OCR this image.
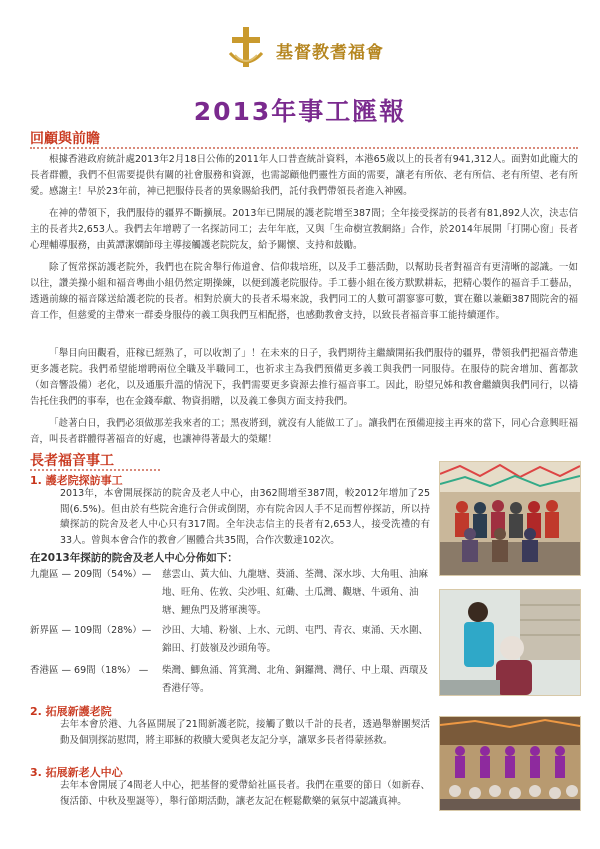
基督教耆福會
2013年事工匯報
回顧與前瞻
根據香港政府統計處2013年2月18日公佈的2011年人口普查統計資料，本港65歲以上的長者有941,312人。面對如此龐大的長者群體，我們不但需要提供有關的社會服務和資源，也需認顧他們靈性方面的需要，讓老有所依、老有所信、老有所望、老有所愛。感謝主！早於23年前，神已把服侍長者的異象賜給我們，託付我們帶領長者進入神國。
在神的帶領下，我們服侍的疆界不斷擴展。2013年已開展的護老院增至387間；全年接受探訪的長者有81,892人次，決志信主的長者共2,653人。我們去年增聘了一名探訪同工；去年年底，又與「生命樹宣教網絡」合作，於2014年展開「打開心窗」長者心理輔導服務，由黃譚潔嫻師母主導接觸護老院院友，給予關懷、支持和鼓勵。
除了恆常探訪護老院外，我們也在院舍舉行佈道會、信仰栽培班，以及手工藝活動，以幫助長者對福音有更清晰的認識。一如以往，讚美操小組和福音粵曲小組仍然定期操練，以便到護老院服侍。手工藝小組在後方默默耕耘，把精心製作的福音手工藝品，透過前線的福音隊送給護老院的長者。相對於廣大的長者禾場來說，我們同工的人數可謂寥寥可數，實在難以兼顧387間院舍的福音工作，但慈愛的主帶來一群委身服侍的義工與我們互相配搭，也感動教會支持，以致長者福音事工能持續運作。
「舉目向田觀看，莊稼已經熟了，可以收割了」！在未來的日子，我們期待主繼續開拓我們服侍的疆界，帶領我們把福音帶進更多護老院。我們希望能增聘兩位全職及半職同工，也祈求主為我們預備更多義工與我們一同服侍。在服侍的院舍增加、舊都款（如音響設備）老化，以及通脹升溫的情況下，我們需要更多資源去推行福音事工。因此，盼望兄姊和教會繼續與我們同行，以禱告托住我們的事奉，也在金錢奉獻、物資捐贈，以及義工參與方面支持我們。
「趁著白日，我們必須做那差我來者的工；黑夜將到，就沒有人能做工了」。讓我們在預備迎接主再來的當下，同心合意興旺福音，叫長者群體得著福音的好處，也讓神得著最大的榮耀！
長者福音事工
1. 護老院探訪事工
2013年，本會開展探訪的院舍及老人中心，由362間增至387間，較2012年增加了25間(6.5%)。但由於有些院舍進行合併或倒閉，亦有院舍因人手不足而暫停探訪，所以持續探訪的院舍及老人中心只有317間。全年決志信主的長者有2,653人，接受洗禮的有33人。曾與本會合作的教會／團體合共35間，合作次數達102次。
在2013年探訪的院舍及老人中心分佈如下：
九龍區 — 209間（54%）—	慈雲山、黃大仙、九龍塘、葵涌、荃灣、深水埗、大角咀、油麻地、旺角、佐敦、尖沙咀、紅磡、土瓜灣、觀塘、牛頭角、油塘、鯉魚門及將軍澳等。
新界區 — 109間（28%）—	沙田、大埔、粉嶺、上水、元朗、屯門、青衣、東涌、天水圍、錦田、打鼓嶺及沙頭角等。
香港區 — 69間（18%） —	柴灣、鯽魚涌、筲箕灣、北角、銅鑼灣、灣仔、中上環、西環及香港仔等。
2. 拓展新護老院
去年本會於港、九各區開展了21間新護老院，接觸了數以千計的長者，透過舉辦團契活動及個別探訪慰問，將主耶穌的救贖大愛與老友記分享，讓眾多長者得蒙拯救。
3. 拓展新老人中心
去年本會開展了4間老人中心，把基督的愛帶給社區長者。我們在重要的節日（如新春、復活節、中秋及聖誕等），舉行節期活動，讓老友記在輕鬆歡樂的氣氛中認識真神。
